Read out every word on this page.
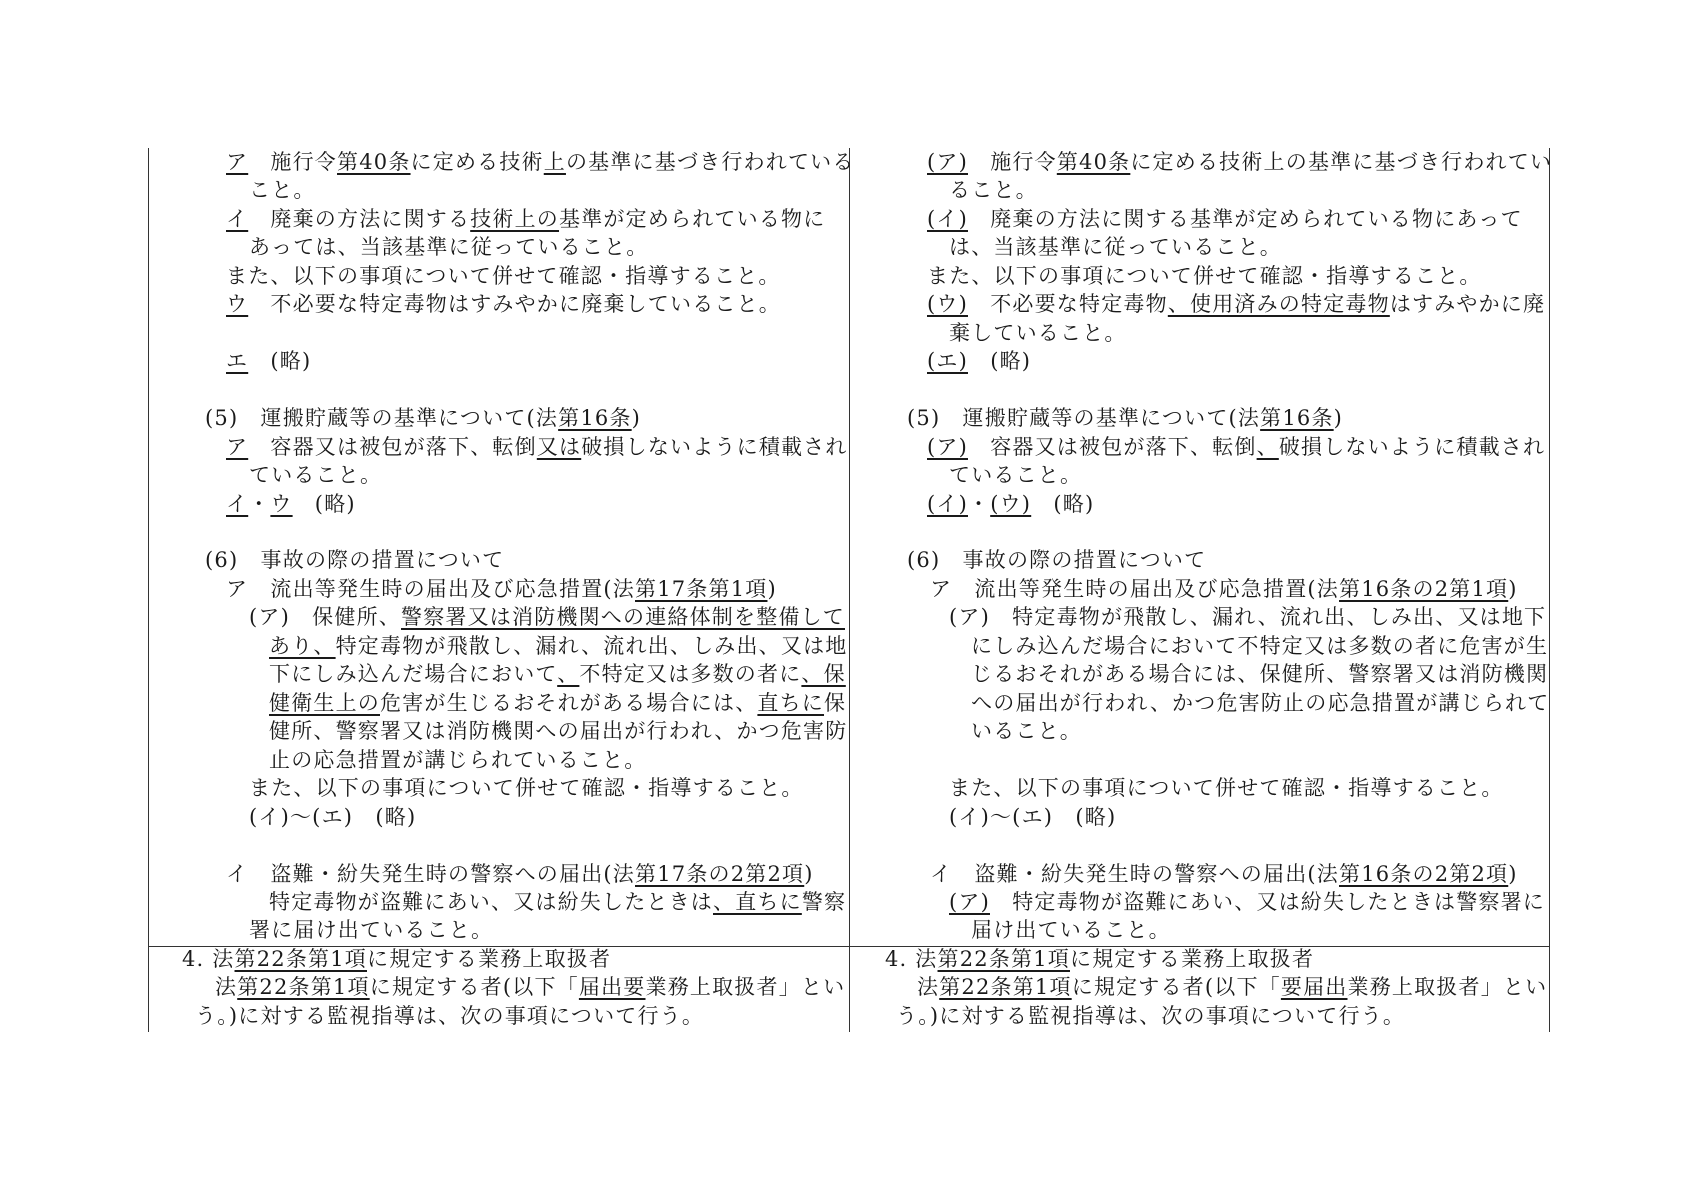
ア　施行令第40条に定める技術上の基準に基づき行われている
こと。
イ　廃棄の方法に関する技術上の基準が定められている物に
あっては、当該基準に従っていること。
また、以下の事項について併せて確認・指導すること。
ウ　不必要な特定毒物はすみやかに廃棄していること。
エ　(略)
(5)　運搬貯蔵等の基準について(法第16条)
ア　容器又は被包が落下、転倒又は破損しないように積載され
ていること。
イ・ウ　(略)
(6)　事故の際の措置について
ア　流出等発生時の届出及び応急措置(法第17条第1項)
(ア)　保健所、警察署又は消防機関への連絡体制を整備して
あり、特定毒物が飛散し、漏れ、流れ出、しみ出、又は地
下にしみ込んだ場合において、不特定又は多数の者に、保
健衛生上の危害が生じるおそれがある場合には、直ちに保
健所、警察署又は消防機関への届出が行われ、かつ危害防
止の応急措置が講じられていること。
また、以下の事項について併せて確認・指導すること。
(イ)～(エ)　(略)
イ　盗難・紛失発生時の警察への届出(法第17条の2第2項)
特定毒物が盗難にあい、又は紛失したときは、直ちに警察
署に届け出ていること。
4. 法第22条第1項に規定する業務上取扱者
法第22条第1項に規定する者(以下「届出要業務上取扱者」とい
う。)に対する監視指導は、次の事項について行う。
(ア)　施行令第40条に定める技術上の基準に基づき行われてい
ること。
(イ)　廃棄の方法に関する基準が定められている物にあって
は、当該基準に従っていること。
また、以下の事項について併せて確認・指導すること。
(ウ)　不必要な特定毒物、使用済みの特定毒物はすみやかに廃
棄していること。
(エ)　(略)
(5)　運搬貯蔵等の基準について(法第16条)
(ア)　容器又は被包が落下、転倒、破損しないように積載され
ていること。
(イ)・(ウ)　(略)
(6)　事故の際の措置について
ア　流出等発生時の届出及び応急措置(法第16条の2第1項)
(ア)　特定毒物が飛散し、漏れ、流れ出、しみ出、又は地下
にしみ込んだ場合において不特定又は多数の者に危害が生
じるおそれがある場合には、保健所、警察署又は消防機関
への届出が行われ、かつ危害防止の応急措置が講じられて
いること。
また、以下の事項について併せて確認・指導すること。
(イ)～(エ)　(略)
イ　盗難・紛失発生時の警察への届出(法第16条の2第2項)
(ア)　特定毒物が盗難にあい、又は紛失したときは警察署に
届け出ていること。
4. 法第22条第1項に規定する業務上取扱者
法第22条第1項に規定する者(以下「要届出業務上取扱者」とい
う。)に対する監視指導は、次の事項について行う。
